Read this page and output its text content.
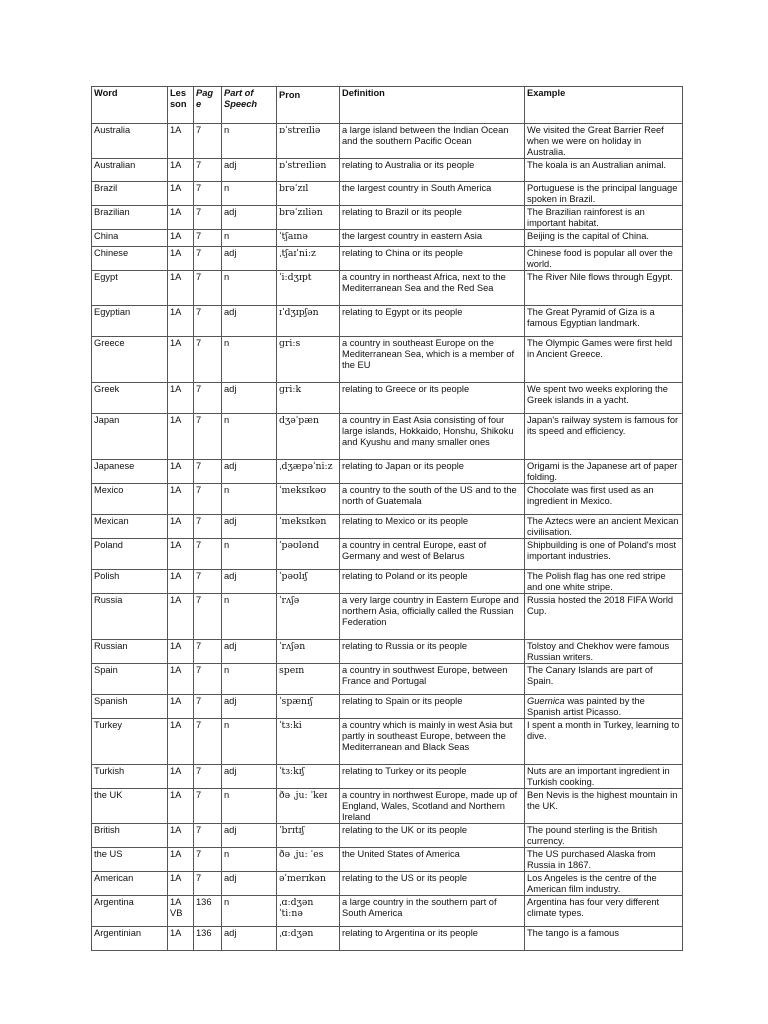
Word	Les son	Pag e	Part of Speech	Pron	Definition	Example
Australia	1A	7	n	ɒˈstreɪliə	a large island between the Indian Ocean and the southern Pacific Ocean	We visited the Great Barrier Reef when we were on holiday in Australia.
Australian	1A	7	adj	ɒˈstreɪliən	relating to Australia or its people	The koala is an Australian animal.
Brazil	1A	7	n	brəˈzɪl	the largest country in South America	Portuguese is the principal language spoken in Brazil.
Brazilian	1A	7	adj	brəˈzɪliən	relating to Brazil or its people	The Brazilian rainforest is an important habitat.
China	1A	7	n	ˈtʃaɪnə	the largest country in eastern Asia	Beijing is the capital of China.
Chinese	1A	7	adj	ˌtʃaɪˈniːz	relating to China or its people	Chinese food is popular all over the world.
Egypt	1A	7	n	ˈiːdʒɪpt	a country in northeast Africa, next to the Mediterranean Sea and the Red Sea	The River Nile flows through Egypt.
Egyptian	1A	7	adj	ɪˈdʒɪpʃən	relating to Egypt or its people	The Great Pyramid of Giza is a famous Egyptian landmark.
Greece	1A	7	n	ɡriːs	a country in southeast Europe on the Mediterranean Sea, which is a member of the EU	The Olympic Games were first held in Ancient Greece.
Greek	1A	7	adj	ɡriːk	relating to Greece or its people	We spent two weeks exploring the Greek islands in a yacht.
Japan	1A	7	n	dʒəˈpæn	a country in East Asia consisting of four large islands, Hokkaido, Honshu, Shikoku and Kyushu and many smaller ones	Japan's railway system is famous for its speed and efficiency.
Japanese	1A	7	adj	ˌdʒæpəˈniːz	relating to Japan or its people	Origami is the Japanese art of paper folding.
Mexico	1A	7	n	ˈmeksɪkəʊ	a country to the south of the US and to the north of Guatemala	Chocolate was first used as an ingredient in Mexico.
Mexican	1A	7	adj	ˈmeksɪkən	relating to Mexico or its people	The Aztecs were an ancient Mexican civilisation.
Poland	1A	7	n	ˈpəʊlənd	a country in central Europe, east of Germany and west of Belarus	Shipbuilding is one of Poland's most important industries.
Polish	1A	7	adj	ˈpəʊlɪʃ	relating to Poland or its people	The Polish flag has one red stripe and one white stripe.
Russia	1A	7	n	ˈrʌʃə	a very large country in Eastern Europe and northern Asia, officially called the Russian Federation	Russia hosted the 2018 FIFA World Cup.
Russian	1A	7	adj	ˈrʌʃən	relating to Russia or its people	Tolstoy and Chekhov were famous Russian writers.
Spain	1A	7	n	speɪn	a country in southwest Europe, between France and Portugal	The Canary Islands are part of Spain.
Spanish	1A	7	adj	ˈspænɪʃ	relating to Spain or its people	Guernica was painted by the Spanish artist Picasso.
Turkey	1A	7	n	ˈtɜːki	a country which is mainly in west Asia but partly in southeast Europe, between the Mediterranean and Black Seas	I spent a month in Turkey, learning to dive.
Turkish	1A	7	adj	ˈtɜːkɪʃ	relating to Turkey or its people	Nuts are an important ingredient in Turkish cooking.
the UK	1A	7	n	ðə ˌjuː ˈkeɪ	a country in northwest Europe, made up of England, Wales, Scotland and Northern Ireland	Ben Nevis is the highest mountain in the UK.
British	1A	7	adj	ˈbrɪtɪʃ	relating to the UK or its people	The pound sterling is the British currency.
the US	1A	7	n	ðə ˌjuː ˈes	the United States of America	The US purchased Alaska from Russia in 1867.
American	1A	7	adj	əˈmerɪkən	relating to the US or its people	Los Angeles is the centre of the American film industry.
Argentina	1A VB	136	n	ˌɑːdʒənˈtiːnə	a large country in the southern part of South America	Argentina has four very different climate types.
Argentinian	1A	136	adj	ˌɑːdʒən	relating to Argentina or its people	The tango is a famous
